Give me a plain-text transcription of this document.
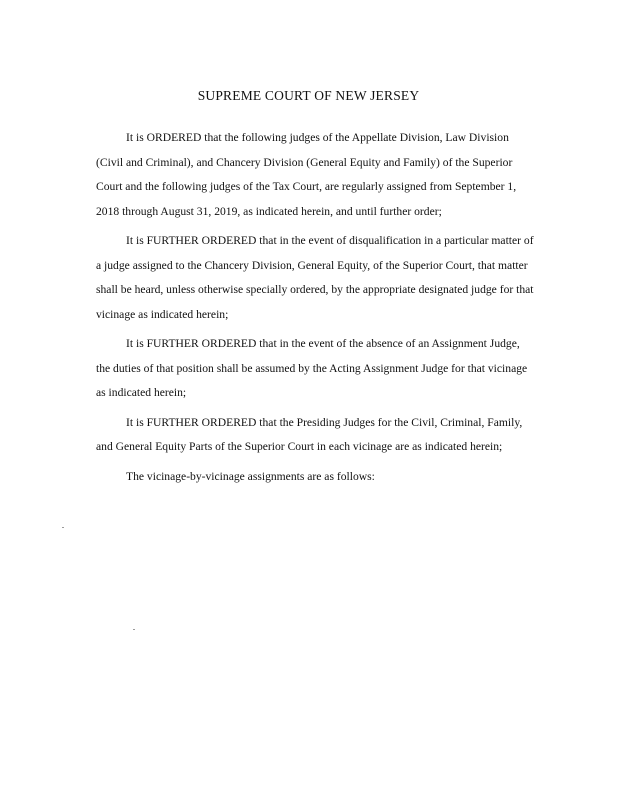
SUPREME COURT OF NEW JERSEY

It is ORDERED that the following judges of the Appellate Division, Law Division (Civil and Criminal), and Chancery Division (General Equity and Family) of the Superior Court and the following judges of the Tax Court, are regularly assigned from September 1, 2018 through August 31, 2019, as indicated herein, and until further order;

It is FURTHER ORDERED that in the event of disqualification in a particular matter of a judge assigned to the Chancery Division, General Equity, of the Superior Court, that matter shall be heard, unless otherwise specially ordered, by the appropriate designated judge for that vicinage as indicated herein;

It is FURTHER ORDERED that in the event of the absence of an Assignment Judge, the duties of that position shall be assumed by the Acting Assignment Judge for that vicinage as indicated herein;

It is FURTHER ORDERED that the Presiding Judges for the Civil, Criminal, Family, and General Equity Parts of the Superior Court in each vicinage are as indicated herein;

The vicinage-by-vicinage assignments are as follows:
